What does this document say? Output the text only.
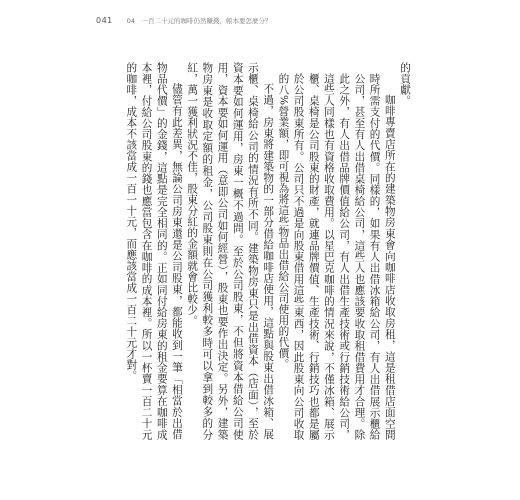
041 04　一百二十元的咖啡仍然賺錢，帳本要怎麼分？

的貢獻。

咖啡專賣店所在的建築物房東會向咖啡店收取房租，這是租借店面空間時所需支付的代價。同樣的，如果有人出借冰箱給公司，有人出借展示櫃給公司，甚至有人出借桌椅給公司，這些人也應該要收取租借費用才合理。除此之外，有人出借品牌價值給公司，有人出借生產技術或行銷技術給公司，這些人同樣也有資格收取費用。以星巴克咖啡的情況來說，不僅冰箱、展示櫃、桌椅是公司股東的財產，就連品牌價值、生產技術、行銷技巧也都是屬於公司股東所有。公司只不過是向股東借用這些東西，因此股東向公司收取的八%營業額，即可視為將這些物品出借給公司使用的代價。

不過，房東將建築物的一部分借給咖啡店使用，這點與股東出借冰箱、展示櫃、桌椅給公司的情況有所不同。建築物房東只是出借資本（店面），至於資本要如何運用，房東一概不過問。至於公司股東，不但將資本借給公司使用，資本要如何運用（意即公司如何經營），股東也要作出決定。另外，建築物房東是收取定額的租金，公司股東則在公司獲利較多時可以拿到較多的分紅，萬一獲利狀況不佳，股東分紅的金額就會比較少。

儘管有此差異，無論公司房東還是公司股東，都能收到一筆「相當於出借物品代價」的金錢，這點是完全相同的。正如同付給房東的租金要算在咖啡成本裡，付給公司股東的錢也應當包含在咖啡的成本裡。所以一杯賣一百二十元的咖啡，成本不該當成一百一十元，而應該當成一百二十元才對。
